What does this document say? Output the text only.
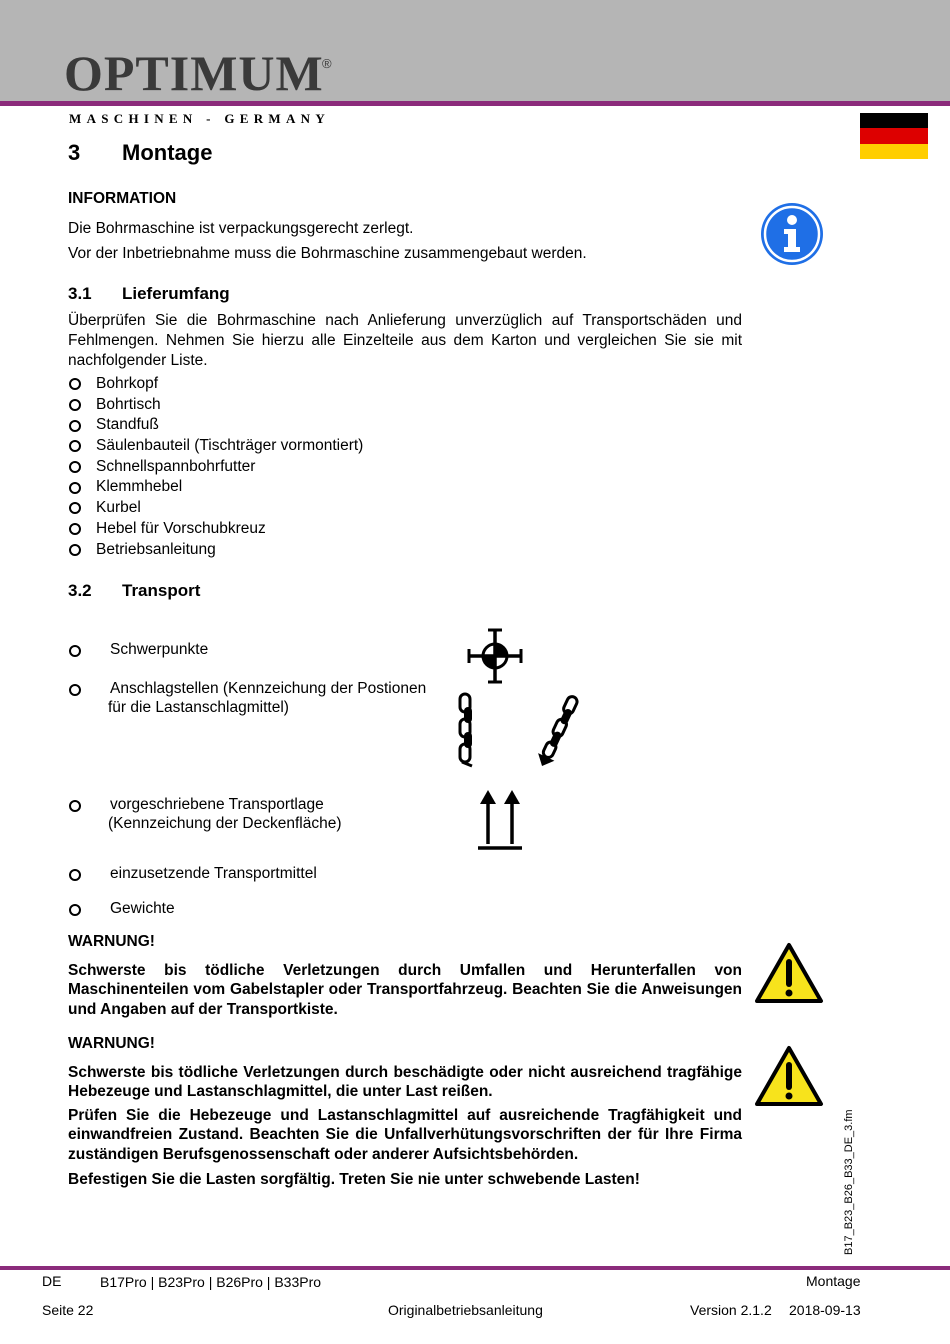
OPTIMUM
®
MASCHINEN - GERMANY
3 Montage
INFORMATION
Die Bohrmaschine ist verpackungsgerecht zerlegt.
Vor der Inbetriebnahme muss die Bohrmaschine zusammengebaut werden.
3.1 Lieferumfang
Überprüfen Sie die Bohrmaschine nach Anlieferung unverzüglich auf Transportschäden und Fehlmengen. Nehmen Sie hierzu alle Einzelteile aus dem Karton und vergleichen Sie sie mit nachfolgender Liste.
Bohrkopf
Bohrtisch
Standfuß
Säulenbauteil (Tischträger vormontiert)
Schnellspannbohrfutter
Klemmhebel
Kurbel
Hebel für Vorschubkreuz
Betriebsanleitung
3.2 Transport
Schwerpunkte
Anschlagstellen (Kennzeichung der Postionen
für die Lastanschlagmittel)
vorgeschriebene Transportlage
(Kennzeichung der Deckenfläche)
einzusetzende Transportmittel
Gewichte
WARNUNG!
Schwerste bis tödliche Verletzungen durch Umfallen und Herunterfallen von Maschinenteilen vom Gabelstapler oder Transportfahrzeug. Beachten Sie die Anweisungen und Angaben auf der Transportkiste.
WARNUNG!
Schwerste bis tödliche Verletzungen durch beschädigte oder nicht ausreichend tragfähige Hebezeuge und Lastanschlagmittel, die unter Last reißen.
Prüfen Sie die Hebezeuge und Lastanschlagmittel auf ausreichende Tragfähigkeit und einwandfreien Zustand. Beachten Sie die Unfallverhütungsvorschriften der für Ihre Firma zuständigen Berufsgenossenschaft oder anderer Aufsichtsbehörden.
Befestigen Sie die Lasten sorgfältig. Treten Sie nie unter schwebende Lasten!	B17_B23_B26_B33_DE_3.fm
DE	B17Pro | B23Pro | B26Pro | B33Pro	Montage
Seite 22	Originalbetriebsanleitung	Version 2.1.2 2018-09-13
